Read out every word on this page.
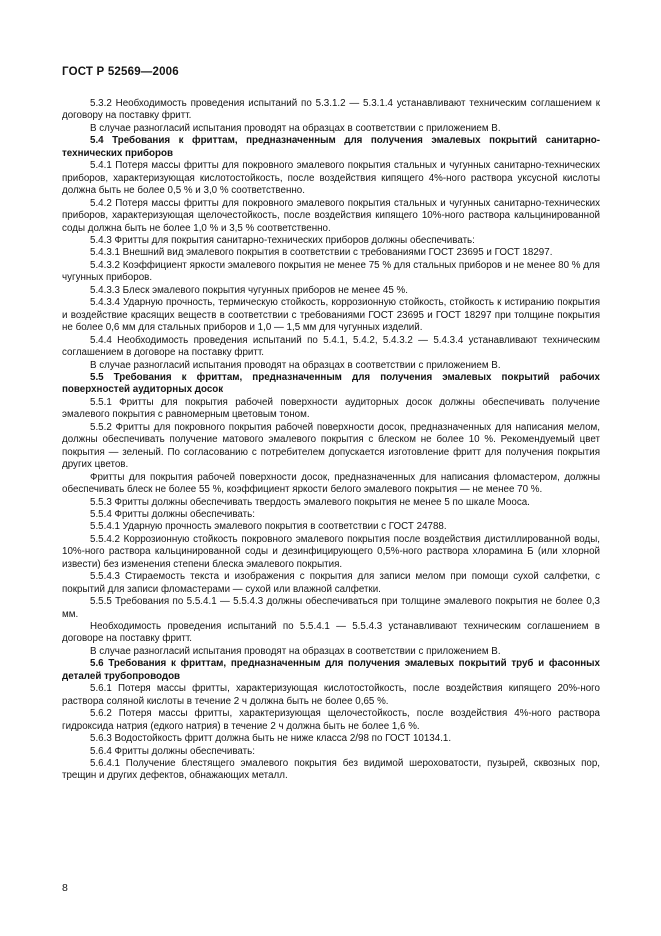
ГОСТ Р 52569—2006

5.3.2 Необходимость проведения испытаний по 5.3.1.2 — 5.3.1.4 устанавливают техническим соглашением к договору на поставку фритт.

В случае разногласий испытания проводят на образцах в соответствии с приложением В.

5.4 Требования к фриттам, предназначенным для получения эмалевых покрытий санитарно-технических приборов

5.4.1 Потеря массы фритты для покровного эмалевого покрытия стальных и чугунных санитарно-технических приборов, характеризующая кислотостойкость, после воздействия кипящего 4%-ного раствора уксусной кислоты должна быть не более 0,5 % и 3,0 % соответственно.

5.4.2 Потеря массы фритты для покровного эмалевого покрытия стальных и чугунных санитарно-технических приборов, характеризующая щелочестойкость, после воздействия кипящего 10%-ного раствора кальцинированной соды должна быть не более 1,0 % и 3,5 % соответственно.

5.4.3 Фритты для покрытия санитарно-технических приборов должны обеспечивать:

5.4.3.1 Внешний вид эмалевого покрытия в соответствии с требованиями ГОСТ 23695 и ГОСТ 18297.

5.4.3.2 Коэффициент яркости эмалевого покрытия не менее 75 % для стальных приборов и не менее 80 % для чугунных приборов.

5.4.3.3 Блеск эмалевого покрытия чугунных приборов не менее 45 %.

5.4.3.4 Ударную прочность, термическую стойкость, коррозионную стойкость, стойкость к истиранию покрытия и воздействие красящих веществ в соответствии с требованиями ГОСТ 23695 и ГОСТ 18297 при толщине покрытия не более 0,6 мм для стальных приборов и 1,0 — 1,5 мм для чугунных изделий.

5.4.4 Необходимость проведения испытаний по 5.4.1, 5.4.2, 5.4.3.2 — 5.4.3.4 устанавливают техническим соглашением в договоре на поставку фритт.

В случае разногласий испытания проводят на образцах в соответствии с приложением В.

5.5 Требования к фриттам, предназначенным для получения эмалевых покрытий рабочих поверхностей аудиторных досок

5.5.1 Фритты для покрытия рабочей поверхности аудиторных досок должны обеспечивать получение эмалевого покрытия с равномерным цветовым тоном.

5.5.2 Фритты для покровного покрытия рабочей поверхности досок, предназначенных для написания мелом, должны обеспечивать получение матового эмалевого покрытия с блеском не более 10 %. Рекомендуемый цвет покрытия — зеленый. По согласованию с потребителем допускается изготовление фритт для получения покрытия других цветов.

Фритты для покрытия рабочей поверхности досок, предназначенных для написания фломастером, должны обеспечивать блеск не более 55 %, коэффициент яркости белого эмалевого покрытия — не менее 70 %.

5.5.3 Фритты должны обеспечивать твердость эмалевого покрытия не менее 5 по шкале Мооса.

5.5.4 Фритты должны обеспечивать:

5.5.4.1 Ударную прочность эмалевого покрытия в соответствии с ГОСТ 24788.

5.5.4.2 Коррозионную стойкость покровного эмалевого покрытия после воздействия дистиллированной воды, 10%-ного раствора кальцинированной соды и дезинфицирующего 0,5%-ного раствора хлорамина Б (или хлорной извести) без изменения степени блеска эмалевого покрытия.

5.5.4.3 Стираемость текста и изображения с покрытия для записи мелом при помощи сухой салфетки, с покрытий для записи фломастерами — сухой или влажной салфетки.

5.5.5 Требования по 5.5.4.1 — 5.5.4.3 должны обеспечиваться при толщине эмалевого покрытия не более 0,3 мм.

Необходимость проведения испытаний по 5.5.4.1 — 5.5.4.3 устанавливают техническим соглашением в договоре на поставку фритт.

В случае разногласий испытания проводят на образцах в соответствии с приложением В.

5.6 Требования к фриттам, предназначенным для получения эмалевых покрытий труб и фасонных деталей трубопроводов

5.6.1 Потеря массы фритты, характеризующая кислотостойкость, после воздействия кипящего 20%-ного раствора соляной кислоты в течение 2 ч должна быть не более 0,65 %.

5.6.2 Потеря массы фритты, характеризующая щелочестойкость, после воздействия 4%-ного раствора гидроксида натрия (едкого натрия) в течение 2 ч должна быть не более 1,6 %.

5.6.3 Водостойкость фритт должна быть не ниже класса 2/98 по ГОСТ 10134.1.

5.6.4 Фритты должны обеспечивать:

5.6.4.1 Получение блестящего эмалевого покрытия без видимой шероховатости, пузырей, сквозных пор, трещин и других дефектов, обнажающих металл.

8
